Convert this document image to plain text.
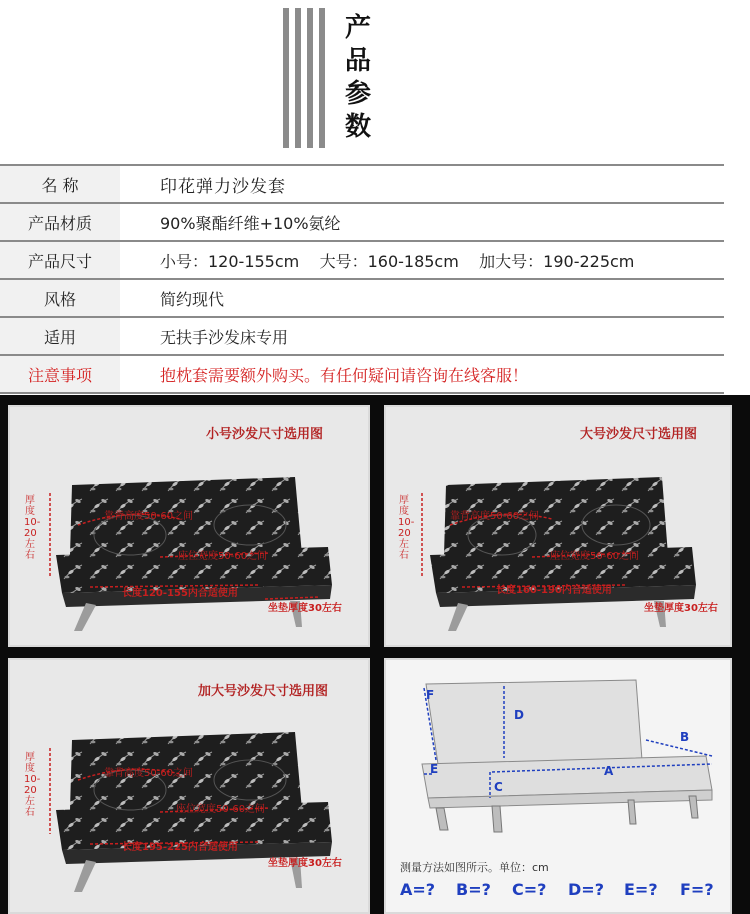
产
品
参
数
名 称	印花弹力沙发套
产品材质	90%聚酯纤维+10%氨纶
产品尺寸	小号：120-155cm    大号：160-185cm    加大号：190-225cm
风格	简约现代
适用	无扶手沙发床专用
注意事项	抱枕套需要额外购买。有任何疑问请咨询在线客服！
小号沙发尺寸选用图
靠背高度50-60之间
座位宽度50-60之间
长度120-155内合适使用
坐垫厚度30左右
厚度10-20左右
大号沙发尺寸选用图
靠背高度50-60之间
座位宽度50-60之间
长度160-190内合适使用
坐垫厚度30左右
厚度10-20左右
加大号沙发尺寸选用图
靠背高度50-60之间
座位宽度50-60之间
长度195-225内合适使用
坐垫厚度30左右
厚度10-20左右
F
D
B
A
E
C
测量方法如图所示。单位：cm
A=? B=? C=? D=? E=? F=?
